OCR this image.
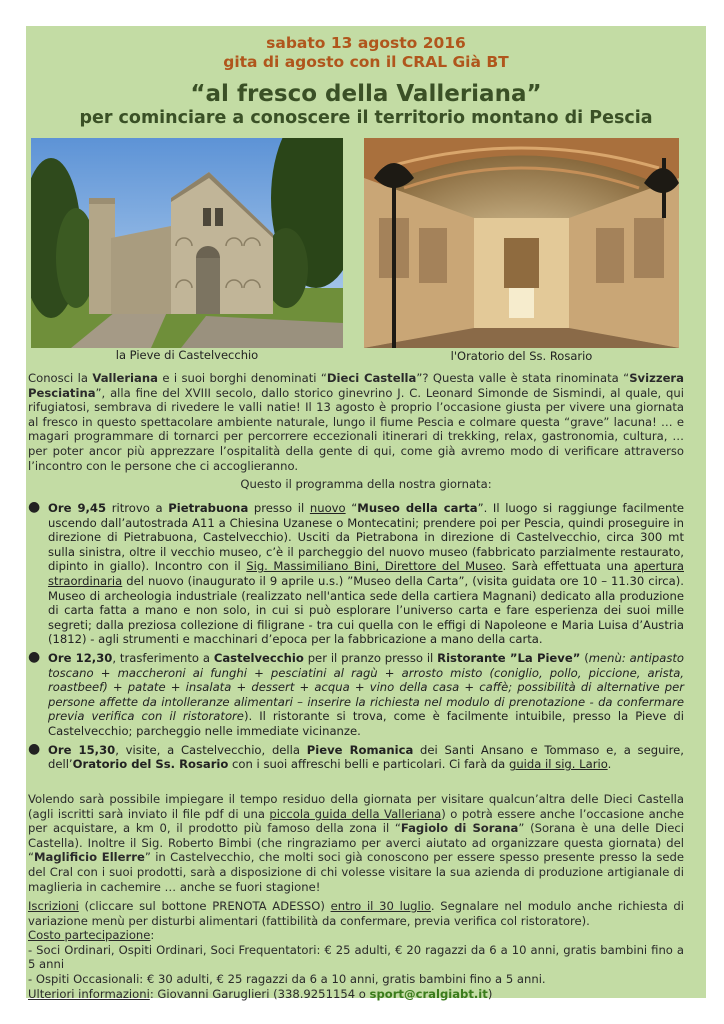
sabato 13 agosto 2016
gita di agosto con il CRAL Già BT
“al fresco della Valleriana”
per cominciare a conoscere il territorio montano di Pescia
la Pieve di Castelvecchio	l'Oratorio del Ss. Rosario
Conosci la Valleriana e i suoi borghi denominati “Dieci Castella”? Questa valle è stata rinominata “Svizzera Pesciatina”, alla fine del XVIII secolo, dallo storico ginevrino J. C. Leonard Simonde de Sismindi, al quale, qui rifugiatosi, sembrava di rivedere le valli natie! Il 13 agosto è proprio l’occasione giusta per vivere una giornata al fresco in questo spettacolare ambiente naturale, lungo il fiume Pescia e colmare questa “grave” lacuna! … e magari programmare di tornarci per percorrere eccezionali itinerari di trekking, relax, gastronomia, cultura, … per poter ancor più apprezzare l’ospitalità della gente di qui, come già avremo modo di verificare attraverso l’incontro con le persone che ci accoglieranno.
Questo il programma della nostra giornata:
● Ore 9,45 ritrovo a Pietrabuona presso il nuovo “Museo della carta”. Il luogo si raggiunge facilmente uscendo dall’autostrada A11 a Chiesina Uzanese o Montecatini; prendere poi per Pescia, quindi proseguire in direzione di Pietrabuona, Castelvecchio). Usciti da Pietrabona in direzione di Castelvecchio, circa 300 mt sulla sinistra, oltre il vecchio museo, c’è il parcheggio del nuovo museo (fabbricato parzialmente restaurato, dipinto in giallo). Incontro con il Sig. Massimiliano Bini, Direttore del Museo. Sarà effettuata una apertura straordinaria del nuovo (inaugurato il 9 aprile u.s.) ”Museo della Carta”, (visita guidata ore 10 – 11.30 circa). Museo di archeologia industriale (realizzato nell'antica sede della cartiera Magnani) dedicato alla produzione di carta fatta a mano e non solo, in cui si può esplorare l’universo carta e fare esperienza dei suoi mille segreti; dalla preziosa collezione di filigrane - tra cui quella con le effigi di Napoleone e Maria Luisa d’Austria (1812) - agli strumenti e macchinari d’epoca per la fabbricazione a mano della carta.
● Ore 12,30, trasferimento a Castelvecchio per il pranzo presso il Ristorante ”La Pieve” (menù: antipasto toscano + maccheroni ai funghi + pesciatini al ragù + arrosto misto (coniglio, pollo, piccione, arista, roastbeef) + patate + insalata + dessert + acqua + vino della casa + caffè; possibilità di alternative per persone affette da intolleranze alimentari – inserire la richiesta nel modulo di prenotazione - da confermare previa verifica con il ristoratore). Il ristorante si trova, come è facilmente intuibile, presso la Pieve di Castelvecchio; parcheggio nelle immediate vicinanze.
● Ore 15,30, visite, a Castelvecchio, della Pieve Romanica dei Santi Ansano e Tommaso e, a seguire, dell’Oratorio del Ss. Rosario con i suoi affreschi belli e particolari. Ci farà da guida il sig. Lario.
Volendo sarà possibile impiegare il tempo residuo della giornata per visitare qualcun’altra delle Dieci Castella (agli iscritti sarà inviato il file pdf di una piccola guida della Valleriana) o potrà essere anche l’occasione anche per acquistare, a km 0, il prodotto più famoso della zona il “Fagiolo di Sorana” (Sorana è una delle Dieci Castella). Inoltre il Sig. Roberto Bimbi (che ringraziamo per averci aiutato ad organizzare questa giornata) del “Maglificio Ellerre” in Castelvecchio, che molti soci già conoscono per essere spesso presente presso la sede del Cral con i suoi prodotti, sarà a disposizione di chi volesse visitare la sua azienda di produzione artigianale di maglieria in cachemire … anche se fuori stagione!
Iscrizioni (cliccare sul bottone PRENOTA ADESSO) entro il 30 luglio. Segnalare nel modulo anche richiesta di variazione menù per disturbi alimentari (fattibilità da confermare, previa verifica col ristoratore).
Costo partecipazione:
- Soci Ordinari, Ospiti Ordinari, Soci Frequentatori: € 25 adulti, € 20 ragazzi da 6 a 10 anni, gratis bambini fino a 5 anni
- Ospiti Occasionali: € 30 adulti, € 25 ragazzi da 6 a 10 anni, gratis bambini fino a 5 anni.
Ulteriori informazioni: Giovanni Garuglieri (338.9251154 o sport@cralgiabt.it)
